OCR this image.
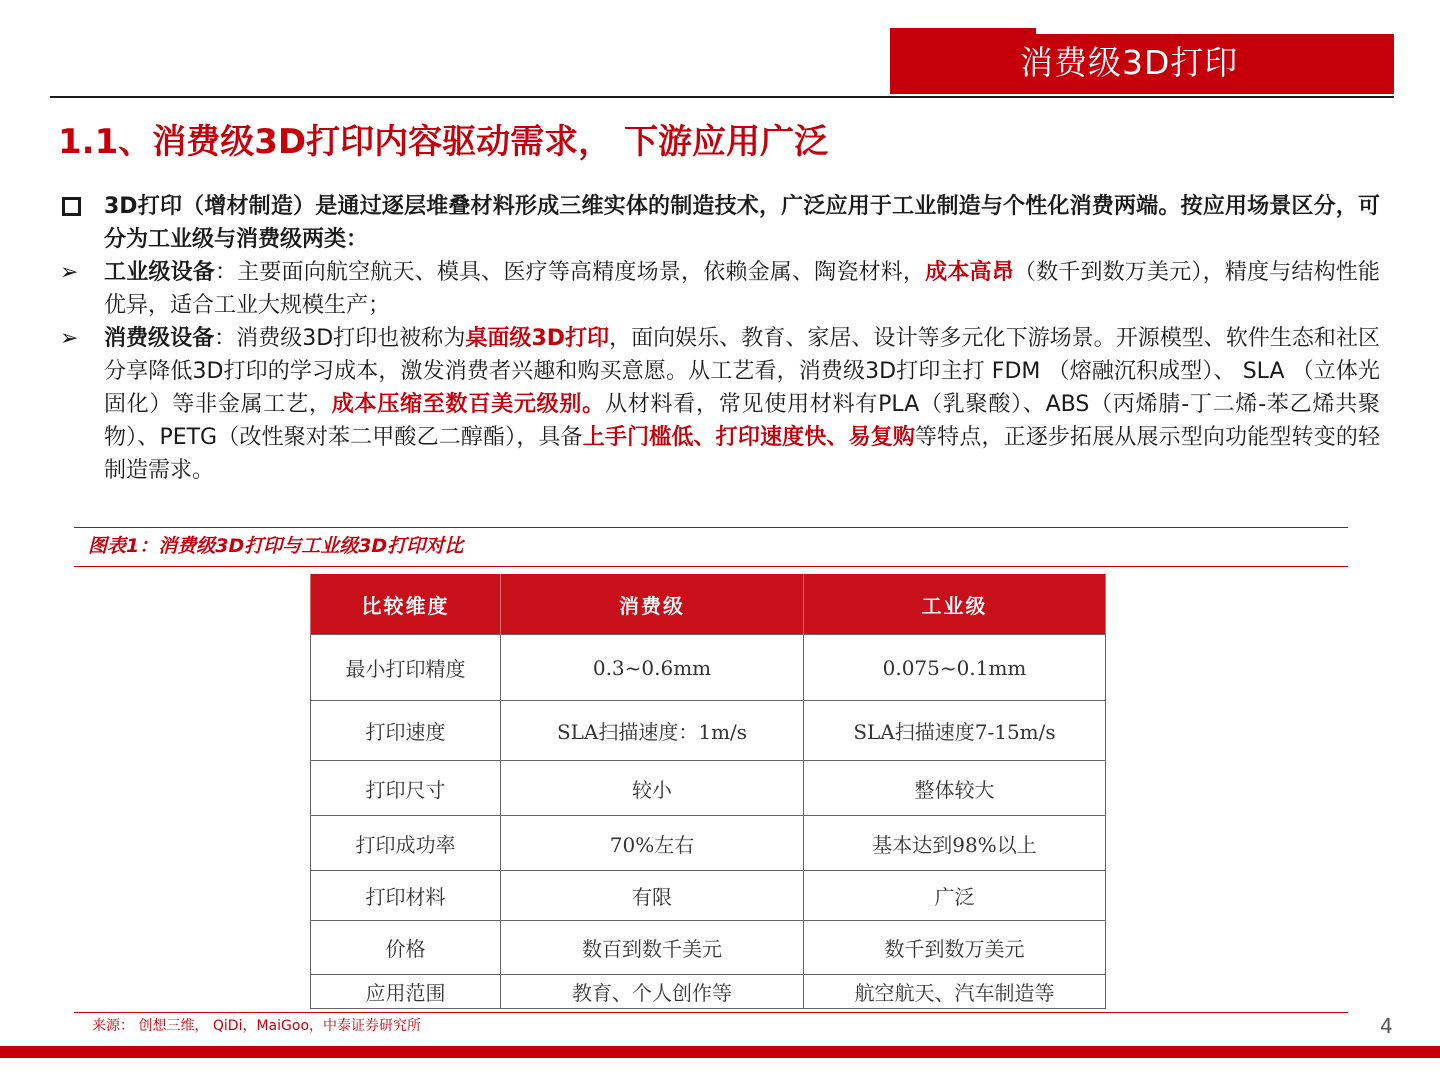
消费级3D打印
1.1、消费级3D打印内容驱动需求， 下游应用广泛
3D打印（增材制造）是通过逐层堆叠材料形成三维实体的制造技术，广泛应用于工业制造与个性化消费两端。按应用场景区分，可分为工业级与消费级两类：
➢ 工业级设备：主要面向航空航天、模具、医疗等高精度场景，依赖金属、陶瓷材料，成本高昂（数千到数万美元），精度与结构性能优异，适合工业大规模生产；
➢ 消费级设备：消费级3D打印也被称为桌面级3D打印，面向娱乐、教育、家居、设计等多元化下游场景。开源模型、软件生态和社区分享降低3D打印的学习成本，激发消费者兴趣和购买意愿。从工艺看，消费级3D打印主打 FDM （熔融沉积成型）、 SLA （立体光固化）等非金属工艺，成本压缩至数百美元级别。从材料看，常见使用材料有PLA（乳聚酸）、ABS（丙烯腈-丁二烯-苯乙烯共聚物）、PETG（改性聚对苯二甲酸乙二醇酯），具备上手门槛低、打印速度快、易复购等特点，正逐步拓展从展示型向功能型转变的轻制造需求。
图表1：消费级3D打印与工业级3D打印对比
比较维度	消费级	工业级
最小打印精度	0.3~0.6mm	0.075~0.1mm
打印速度	SLA扫描速度：1m/s	SLA扫描速度7-15m/s
打印尺寸	较小	整体较大
打印成功率	70%左右	基本达到98%以上
打印材料	有限	广泛
价格	数百到数千美元	数千到数万美元
应用范围	教育、个人创作等	航空航天、汽车制造等
来源： 创想三维， QiDi，MaiGoo，中泰证券研究所	4
